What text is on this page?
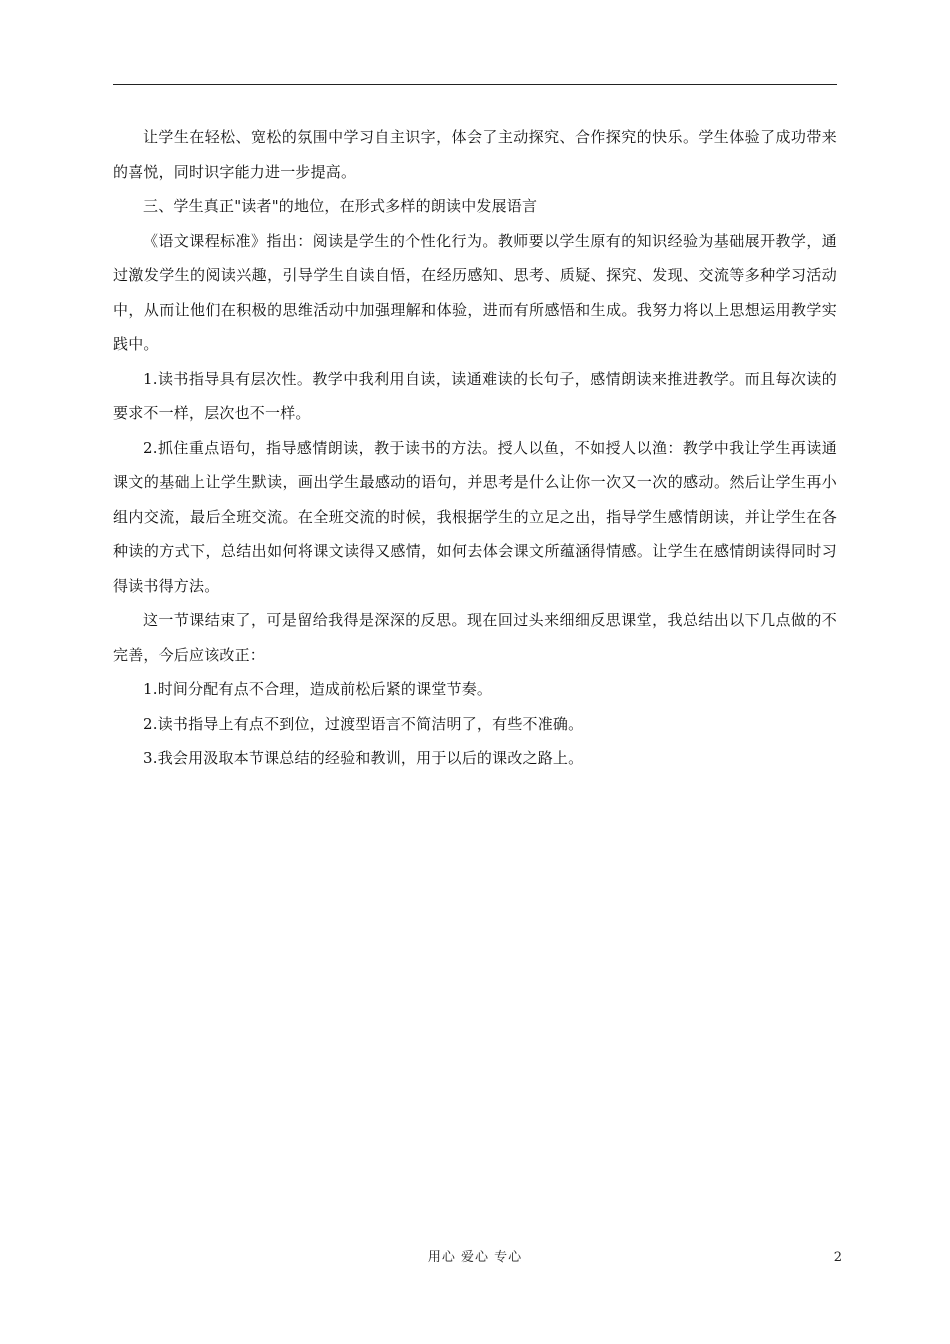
让学生在轻松、宽松的氛围中学习自主识字，体会了主动探究、合作探究的快乐。学生体验了成功带来的喜悦，同时识字能力进一步提高。

三、学生真正"读者"的地位，在形式多样的朗读中发展语言

《语文课程标准》指出：阅读是学生的个性化行为。教师要以学生原有的知识经验为基础展开教学，通过激发学生的阅读兴趣，引导学生自读自悟，在经历感知、思考、质疑、探究、发现、交流等多种学习活动中，从而让他们在积极的思维活动中加强理解和体验，进而有所感悟和生成。我努力将以上思想运用教学实践中。

1.读书指导具有层次性。教学中我利用自读，读通难读的长句子，感情朗读来推进教学。而且每次读的要求不一样，层次也不一样。

2.抓住重点语句，指导感情朗读，教于读书的方法。授人以鱼，不如授人以渔：教学中我让学生再读通课文的基础上让学生默读，画出学生最感动的语句，并思考是什么让你一次又一次的感动。然后让学生再小组内交流，最后全班交流。在全班交流的时候，我根据学生的立足之出，指导学生感情朗读，并让学生在各种读的方式下，总结出如何将课文读得又感情，如何去体会课文所蕴涵得情感。让学生在感情朗读得同时习得读书得方法。

这一节课结束了，可是留给我得是深深的反思。现在回过头来细细反思课堂，我总结出以下几点做的不完善，今后应该改正：

1.时间分配有点不合理，造成前松后紧的课堂节奏。

2.读书指导上有点不到位，过渡型语言不简洁明了，有些不准确。

3.我会用汲取本节课总结的经验和教训，用于以后的课改之路上。

用心 爱心 专心	2
